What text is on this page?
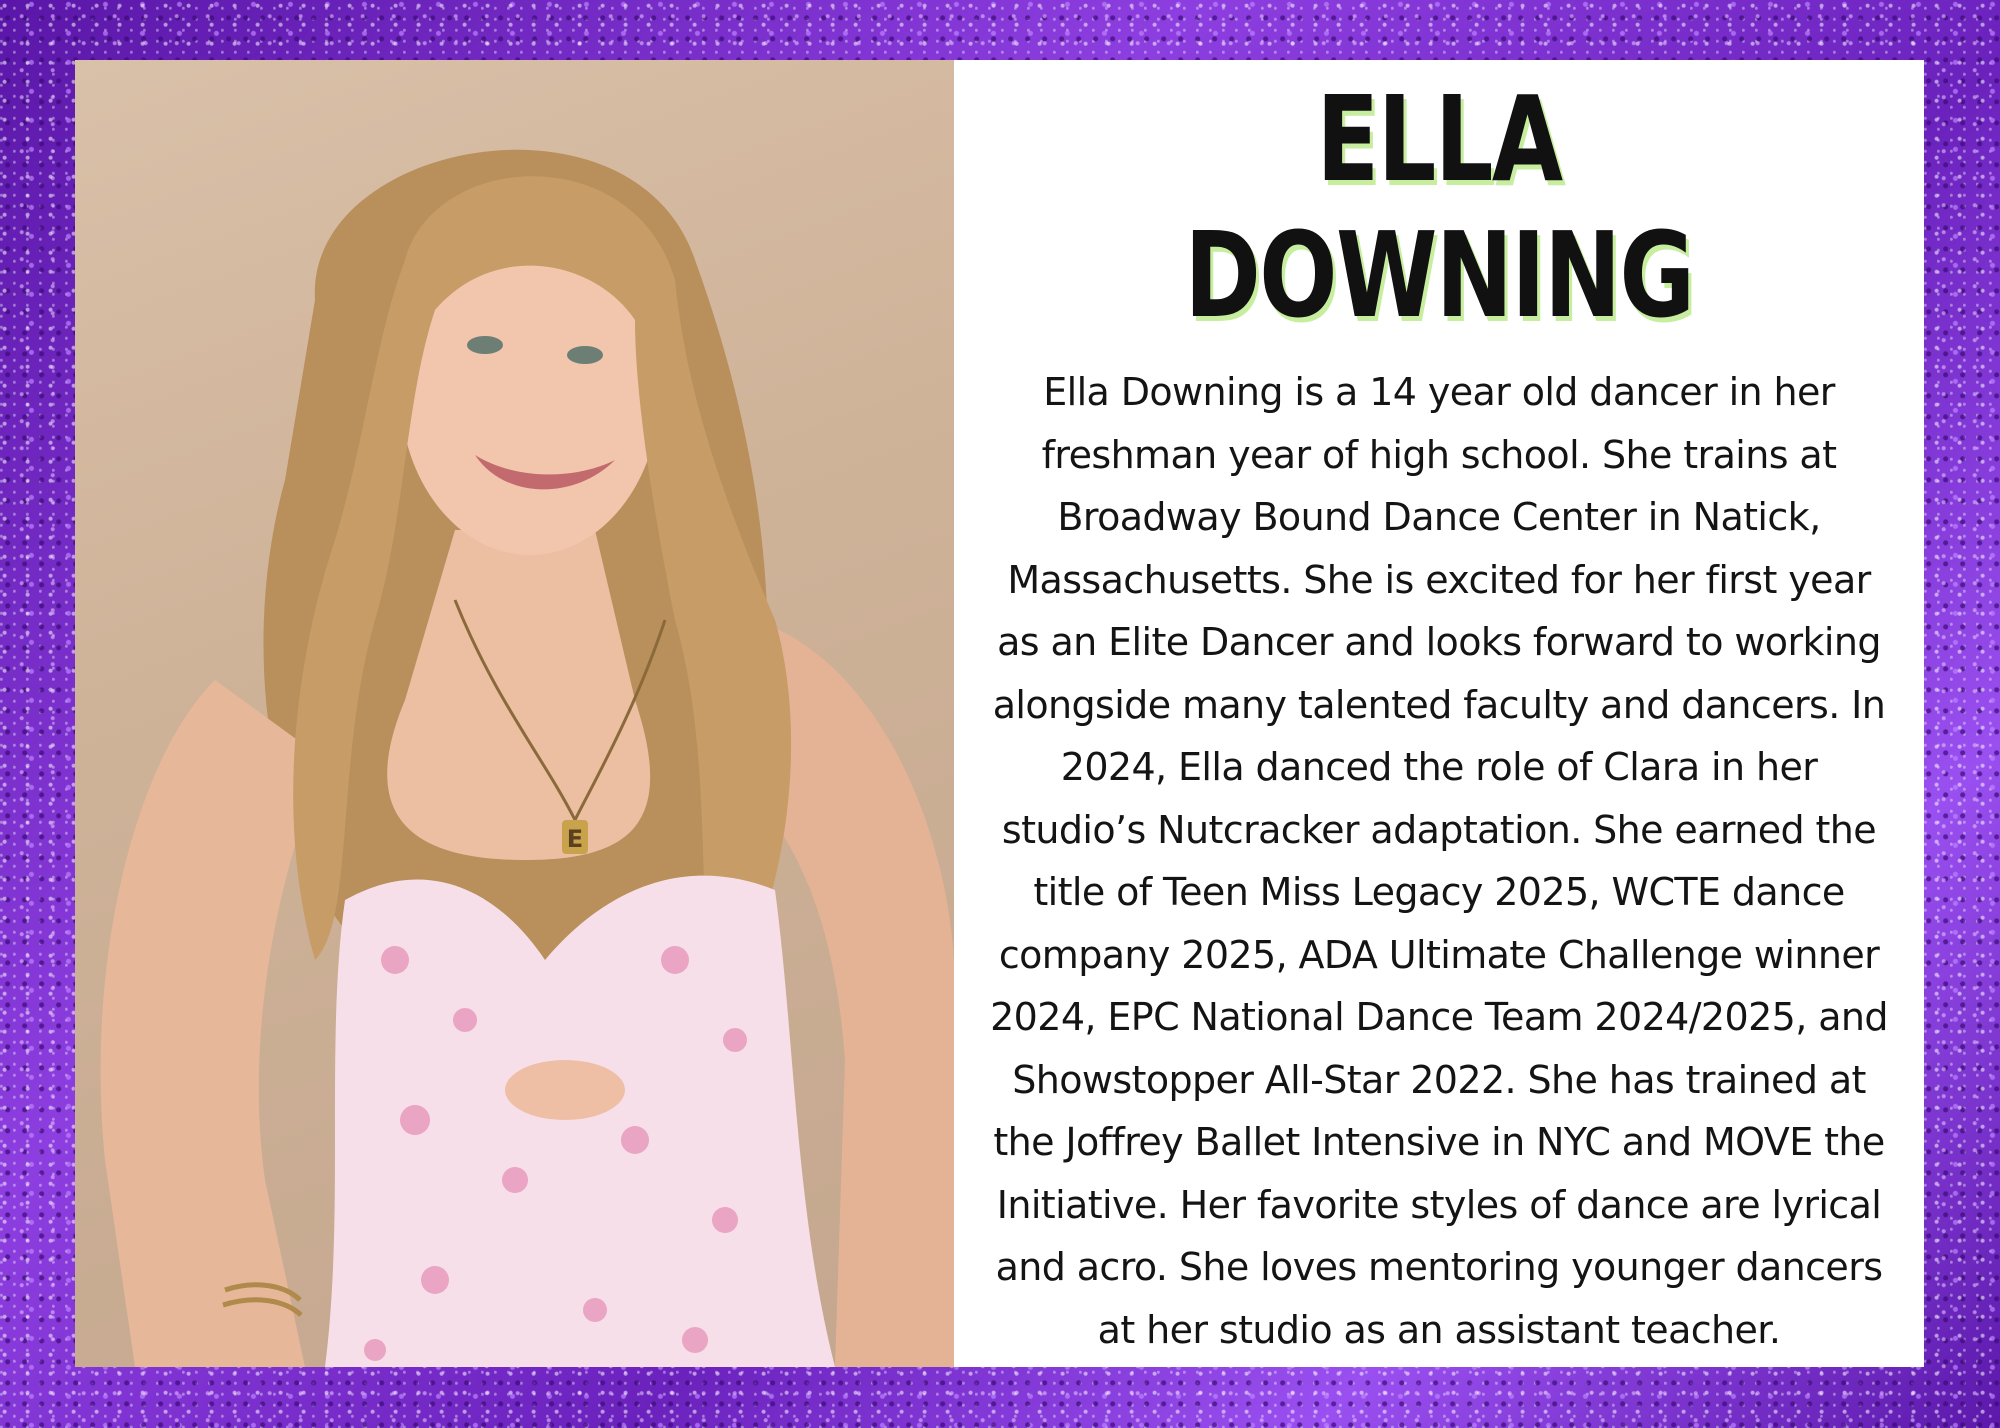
E
ELLA DOWNING
Ella Downing is a 14 year old dancer in her freshman year of high school. She trains at Broadway Bound Dance Center in Natick, Massachusetts. She is excited for her first year as an Elite Dancer and looks forward to working alongside many talented faculty and dancers. In 2024, Ella danced the role of Clara in her studio’s Nutcracker adaptation. She earned the title of Teen Miss Legacy 2025, WCTE dance company 2025, ADA Ultimate Challenge winner 2024, EPC National Dance Team 2024/2025, and Showstopper All-Star 2022. She has trained at the Joffrey Ballet Intensive in NYC and MOVE the Initiative. Her favorite styles of dance are lyrical and acro. She loves mentoring younger dancers at her studio as an assistant teacher.
